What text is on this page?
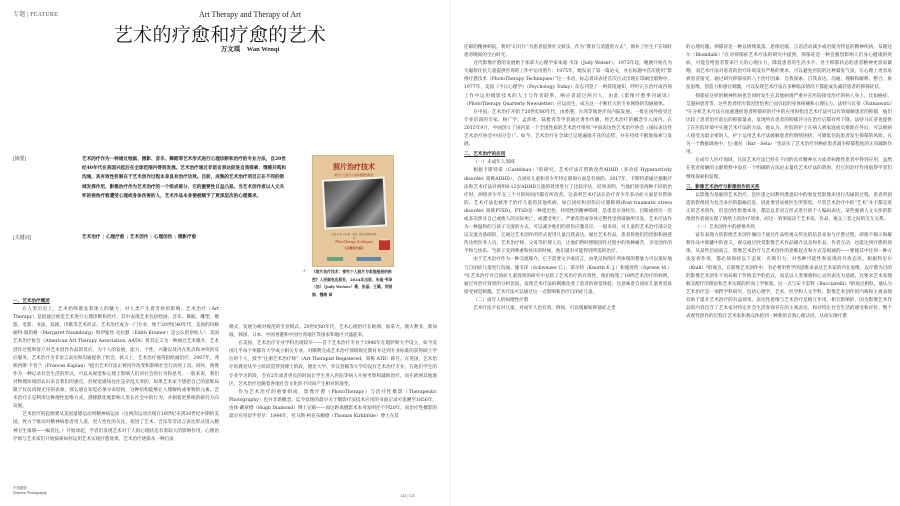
专题 | FEATURE	Art Therapy and Therapy of Art
艺术的疗愈和疗愈的艺术
万文琪　Wan Wenqi
[摘要]	艺术的疗作为一种通过绘画、摄影、音乐、舞蹈等艺术形式进行心理诊断和治疗的专业方法，自20世纪40年代在美国兴起后在全球范围内得到发展。艺术治疗通过非语言表达促进自我探索、情感共鸣和沟通，其有效性机制在于艺术创作过程本身具有治疗功效。目前，成熟的艺术治疗项目正在不同的领域发挥作用，影像治疗作为艺术治疗的一个组成部分，它的重要性日益凸显。当艺术创作者以人文关怀的视角疗愈遭受心理或身体伤害的人，艺术作品本身便被赋予了更深层次的心理需求。
[关键词]	艺术治疗 | 心理疗愈 | 艺术创作 | 心理创伤 | 摄影疗愈
照片治疗技术
探究个人照片与家庭相册的秘密
[加] 朱迪·韦泽 著　张晶 王璐 洪丽娟 魏维 译
PhotoTherapy Techniques
人民邮电出版社
畅销经典
∧ 《照片治疗技术：探究个人照片与家庭相册的秘密》人民邮电出版社，2024年出版，朱迪·韦泽（加）（Judy Weiser）著，张晶、王璐、洪丽娟、魏维 译

一、艺术治疗概述

在人类历史上，艺术始终散发着迷人的魅力，对人类产生着奇妙的影响。艺术治疗（Art Therapy）是指通过视觉艺术进行心理诊断和治疗，其中表现艺术包括绘画、音乐、舞蹈、雕塑、摄影、电影、书法、戏剧、诗歌等艺术形式。艺术治疗成为一门专业，始于20世纪40年代，美国的玛格丽特·瑙伯格（Margaret Naumburg）和伊迪丝·克拉默（Edith Kramer）是公认的创始人¹。美国艺术治疗协会（American Art Therapy Association, AATA）将其定义为一种通过艺术媒介、艺术创作过程和客户对艺术创作作品的反应，为个人的发展、能力、个性、兴趣以及内在焦点和冲突的反应服务。艺术治疗为非语言表达和沟通提供了机会。狭义上，艺术治疗通常指绘画治疗。2007年，弗朗西斯·卡普兰（Frances Kaplan）²提出艺术疗法正被用作改变和影响社会行动的工具。同时，图像作为一种记录社会生活的形式，可以从视觉和心理上影响人们对社会的行为和思考。一般来说，我们对物理环境的认识来自我们的感官，但视觉感知往往是杂乱无章的，如果艺术家不想把自己的思维局限于仅仅再现无序的表象，那么感官知觉必须寻求结构，这种结构能够让人理解构成事物的元素。艺术治疗正是利用这种理性思维方式，潜移默化地影响人类在社会中的行为，并朝着更系统的研究方向发展。

艺术治疗的起源要从美国道德运动到精神病运动（这两次运动出现在18世纪末到20世纪中期的美国，致力于推动对精神病患者更人道、更人性化的关注，促进了艺术、音乐等非语言表达形式进入精神卫生领域——编者注。）开始谈起，学者们发现艺术对于人的心理状态有着较大的影响作用，心理治疗师与艺术家们开始探索如何运用艺术实现疗愈效果。艺术治疗逐渐从一种自发

模式，发展为相对规范的专业模式。20世纪80年代，艺术心理治疗在欧洲、加拿大、澳大利亚、新加坡、韩国、日本、中国香港和中国台湾地区等国家和地区兴盛起来。

在美国，艺术治疗专业学科出现较早——首个艺术治疗专业于1946年在堪萨斯大学设立，如今美国几乎每个州都有大学成立相关专业。对顺利完成艺术治疗领域规定教育并达到专业标准的获得硕士学位的个人，授予“注册艺术治疗师”（Art Therapist Registered，简称 ATR）称号。在英国，艺术治疗的教育从学士阶段贯穿到博士阶段，德比大学、罗汉普顿等大学均设有艺术治疗专业，在他们学生的专业学习阶段，会有2年或者更长的时间让学生进入医院等病人开展考察和辅助治疗。而在欧洲其他地区，艺术治疗也随着各地社会文化的不同而产生相对的演变。

作为艺术治疗的重要组成，影像疗愈（PhotoTherapy）与治疗性摄影（Therapeutic Photography）也并非新概念。迄今发现的最早关于摄影疗法技术应用的书面记录可追溯至1856年，由休·戴蒙德（Hugh Diamond）博士记载——而这距离摄影术本身发明还不到20年。而治疗性摄影的最早应用似乎更早：1844年，托马斯·柯克布赖德（Thomas Kirkbride）博士在其

任职的精神病院，利用“幻灯片”为患者提供社交娱乐，作为“教育与消遣的方式”，填补了医生不在场时患者晚间的空白时光。

近代影像疗愈的发展始于加拿大心理学家朱迪·韦泽（Judy Weiser）。1973年起，她便开始在为失聪原住民儿童提供咨询的工作中运用照片；1975年，她发表了第一篇论文，并在标题中首次使用“影像疗愈技术（PhotoTherapy Techniques）”这一术语，标志着该表述首次正式出现在印刷出版物中。1977年，美国《今日心理学》（Psychology Today）杂志刊登了一则简短通知，呼吁正在治疗或咨询工作中运用摄影技术的人士与作者联系，响应者超过两百人，由此《影像疗愈季刊通讯》（PhotoTherapy Quarterly Newsletter）应运而生，成为这一不断壮大的专业网络的沟通载体。

在中国，艺术治疗开始于20世纪80年代，由香港、台湾等地逐步向内陆发展。一批在国外接受过专业培训的专家，杨广学、孟沛欣、陆雅青等学者通过著作传播，将艺术治疗的概念引入国内。在2015年9月，中国创立了国内第一个全国性质的艺术治疗组织“中国表达性艺术治疗协会（国际表达性艺术治疗协会中国分会）”。如今，艺术治疗在全球已呈现遍地开花的态势，并在持续不断地探索与发展。

二、艺术治疗的应用

（一）未成年人领域

根据卡斯特诺（Castelnau）³的研究，艺术疗法在帮助改善ADHD（多动症 Hyperactivity disorder, 简称ADHD）、自闭症儿童和青少年特定障碍方面是有效的。2017年，卡斯特诺通过催眠疗法和艺术疗法对两组6-12岁ADHD儿童的效果进行了比较评估，结果表明，当他们接受两种不同的治疗时，两组青少年在三个月的时间内都有所改善。这表明艺术疗法在治疗青少年多动症方面是有帮助的。艺术疗法也被用于治疗儿童的其他疾病，如自闭症和创伤后应激障碍(Post-traumatic stress disorder, 简称PTSD)。PTSD是一种延迟性、持续性的精神障碍，是患者亲身经历、目睹或经历一次或多次涉及自己或他人的实际死亡，或遭受死亡、严重伤害或身体完整性受到威胁所引发。艺术疗法作为一种温和的与孩子交流的方式，可以减少他们的创伤应激反应。一般来说，对儿童的艺术治疗部分是以交流为基础的，它通过艺术创作的形式促进儿童自我表达。通过艺术作品，患者将他们的恐惧和困惑传达给医务人员，艺术治疗师、父母等护理人员，让他们暂时摆脱创作过程中的各种痛苦，享受创作的平和与快乐。当孩子受到尊重和快乐的时候，他们就有可能得到所需的治疗。

由于艺术治疗作为一种交流媒介，它不需要文字或语言，由笔记和图片所体现的想象力可以很好地与自闭症儿童进行沟通。施韦泽（Schweizer C.）、诺尔特（Knorth E. J.）和施普伦（Spreen M.）⁴在艺术治疗对自闭症儿童效果的研究中总结了艺术治疗的有效性，他们收集了18例艺术治疗的病例，通过对治疗效果的分析比较，发现艺术疗法的刺激改变了患者的视觉体验，这意味着自闭症儿童更容易接受视觉刺激。艺术疗法可以通过这一点影响和治疗自闭症儿童。

（二）成年人的病理性疗愈

艺术疗法不仅对儿童，对成年人也有效，例如，可以缓解如抑郁症之类

的心理问题。抑郁症是一种以情绪低落、思维迟缓、言语活动减少或迟缓为特征的精神疾病。布隆达尔（Blomdahl）⁵在对抑郁症艺术疗法的研究中提到，抑郁症是一种会强烈影响人们身心健康的疾病，可能会给患者带来巨大的心理压力，降低患者的生活水平。处于抑郁状态的患者精神更容易紧绷，而艺术疗法对患者的治疗环境没有严格的要求，可以避免医院的这种紧张气氛，在心理上更容易被患者接受。通过研究抑郁症的八个治疗因素：自我探索、自我表达、沟通、理解和解释、整合、象征思维、创造力和感官刺激，可以发现艺术疗法在多种临床情况下都能成功减轻患者的抑郁症状。

抑郁症这样的精神疾病也会同时发生在其他病情严重并在医院接受治疗的病人身上，比如癌症、艾滋病患者等，这些患者经历着因害怕死亡而引起的身体疼痛和心理压力。法特马瓦蒂（Fatmawati）⁶在分析艺术疗法在血液透析患者抑郁症的疗中的应用时指出艺术疗法可以有效缓解患者的抑郁，他们比较了患者治疗前后的抑郁量表，发现所有患者的抑郁评分在治疗后都有所下降。法特马瓦蒂也提供了在医院环境中实施艺术疗法的方法，他认为，医院的护士在病人被家庭或员排除在外后，可以被病人接受为最亲密的人，护士运用艺术疗法缓解患者的情绪困扰，可降低住院患者发生抑郁的风险。在另一个数据调查中，巴-塞拉（Bar - Sela）⁷也证实了艺术治疗对癌症患者减少抑郁程度的正向辅助作用。

在成年人医疗领域，目前艺术疗法已经在不同的具有精神压力或者病理性患者中得到应用，虽然在笔者接触的文献资料中没有一个明确的方法论去量化艺术疗法的效果，但它的治疗作用值得学者们继续探索和发现。

三、影像艺术治疗与影像创作的关系

以影像为基础的艺术治疗，是医患之间利用潜意识中的象征性影像来进行沟通的过程。患者所创造的影像因为包含多层的隐喻信息，因此要容易被医生所察觉。尽管艺术治疗中的“艺术”并不都是真正的艺术创作，但是创作影像本身，都是以非语言形式进行的个人编码表达。某些强调人文关怀的影像创作者观实现了情绪上的治疗效果，而这一效果取决于艺术家、作品、观众三者之间的交互关系。

（一）艺术创作中的感情共鸣

富有表现力的影像艺术创作倾向于通过作品给观众传达的信息来参与疗愈过程，即使不揭示和解释作品中暗藏中的意义，观众通过欣赏影像艺术作品媒介以及和作品、作者互动，也能达到疗愈的效果。从某些层面而言，影像艺术治疗与艺术创作的思维起点和方式是相通的——要使其中任何一种方法发挥作用，都必须保持以下态度：有吸引力，对各种可能性和发现持开放态度。根据科尼尔（Knill）⁸的观点，在影像艺术创作中，有必要用哲学的思维来表达艺术家的内在思维，以疗愈为目的的影像艺术创作不再局限于传统美学的范式，而是以人类情感和心灵的表达为基础，这要求艺术家理解支配疗的理论和艺术实践的形而上学框架。这一点与布卡雷利（Bucciarelli）⁹的观点相似，他认为艺术治疗是一项跨学科研究，包括心理学、艺术、医学和人文学科，影像艺术创作的内核和主观表现有助于提升艺术治疗的有益效果。表达性思维与艺术治疗是相互作用、相互影响的，因为影像艺术作品的内容包含了艺术家对特定社会生活客观存在的主观表达，和对特定社会生活的感受和评价。整个表现性创作的过程让艺术家和观众体验到一种新的自我心理认同，从而实现疗愈

中国摄影
Chinese Photography
124 | 125
